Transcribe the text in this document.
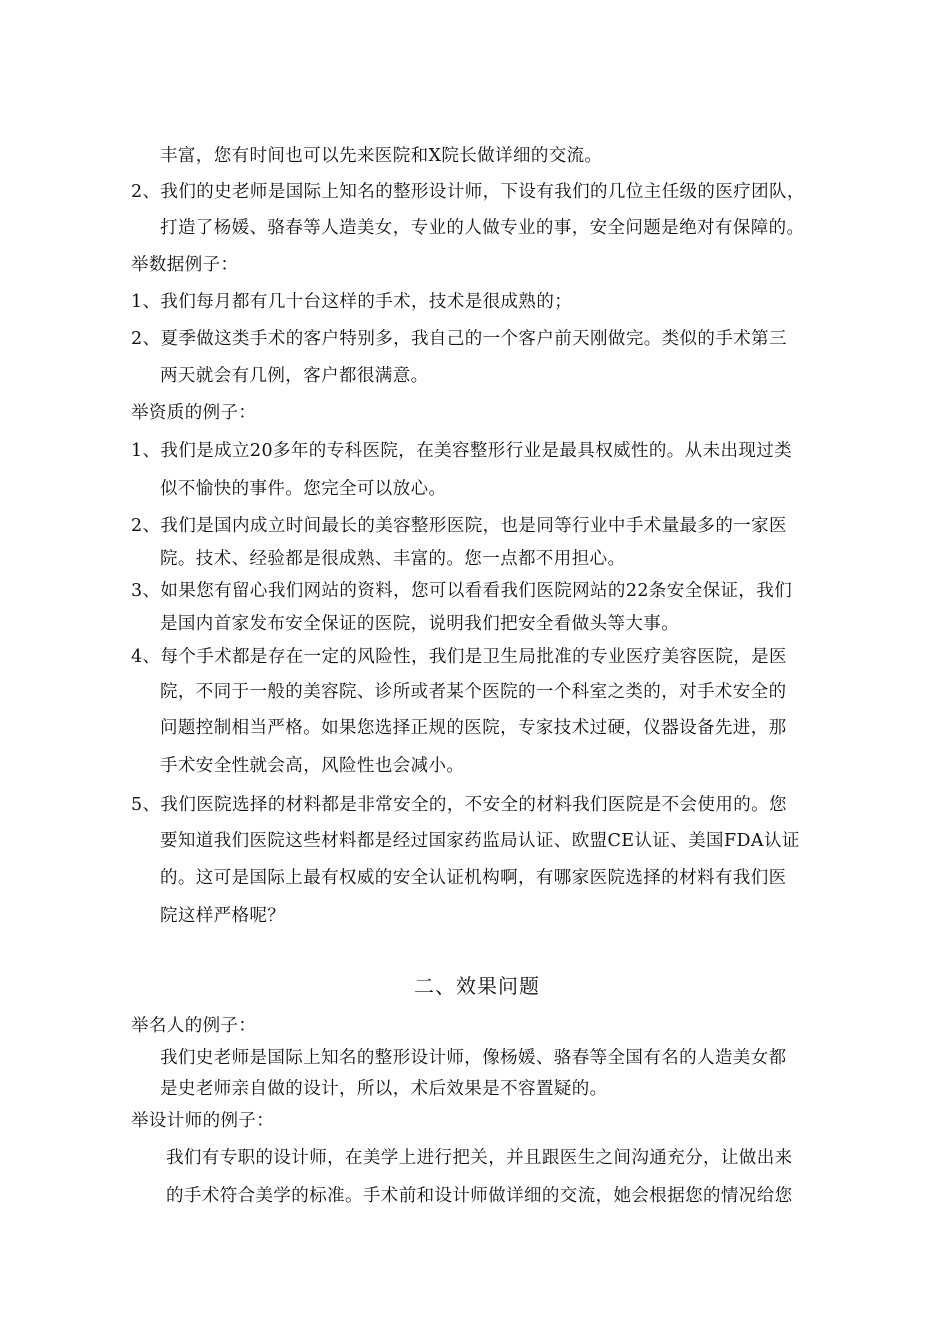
丰富，您有时间也可以先来医院和X院长做详细的交流。
2、我们的史老师是国际上知名的整形设计师，下设有我们的几位主任级的医疗团队，
打造了杨媛、骆春等人造美女，专业的人做专业的事，安全问题是绝对有保障的。
举数据例子：
1、我们每月都有几十台这样的手术，技术是很成熟的；
2、夏季做这类手术的客户特别多，我自己的一个客户前天刚做完。类似的手术第三
两天就会有几例，客户都很满意。
举资质的例子：
1、我们是成立20多年的专科医院，在美容整形行业是最具权威性的。从未出现过类
似不愉快的事件。您完全可以放心。
2、我们是国内成立时间最长的美容整形医院，也是同等行业中手术量最多的一家医
院。技术、经验都是很成熟、丰富的。您一点都不用担心。
3、如果您有留心我们网站的资料，您可以看看我们医院网站的22条安全保证，我们
是国内首家发布安全保证的医院，说明我们把安全看做头等大事。
4、每个手术都是存在一定的风险性，我们是卫生局批准的专业医疗美容医院，是医
院，不同于一般的美容院、诊所或者某个医院的一个科室之类的，对手术安全的
问题控制相当严格。如果您选择正规的医院，专家技术过硬，仪器设备先进，那
手术安全性就会高，风险性也会减小。
5、我们医院选择的材料都是非常安全的，不安全的材料我们医院是不会使用的。您
要知道我们医院这些材料都是经过国家药监局认证、欧盟CE认证、美国FDA认证
的。这可是国际上最有权威的安全认证机构啊，有哪家医院选择的材料有我们医
院这样严格呢？
二、效果问题
举名人的例子：
我们史老师是国际上知名的整形设计师，像杨媛、骆春等全国有名的人造美女都
是史老师亲自做的设计，所以，术后效果是不容置疑的。
举设计师的例子：
我们有专职的设计师，在美学上进行把关，并且跟医生之间沟通充分，让做出来
的手术符合美学的标准。手术前和设计师做详细的交流，她会根据您的情况给您
